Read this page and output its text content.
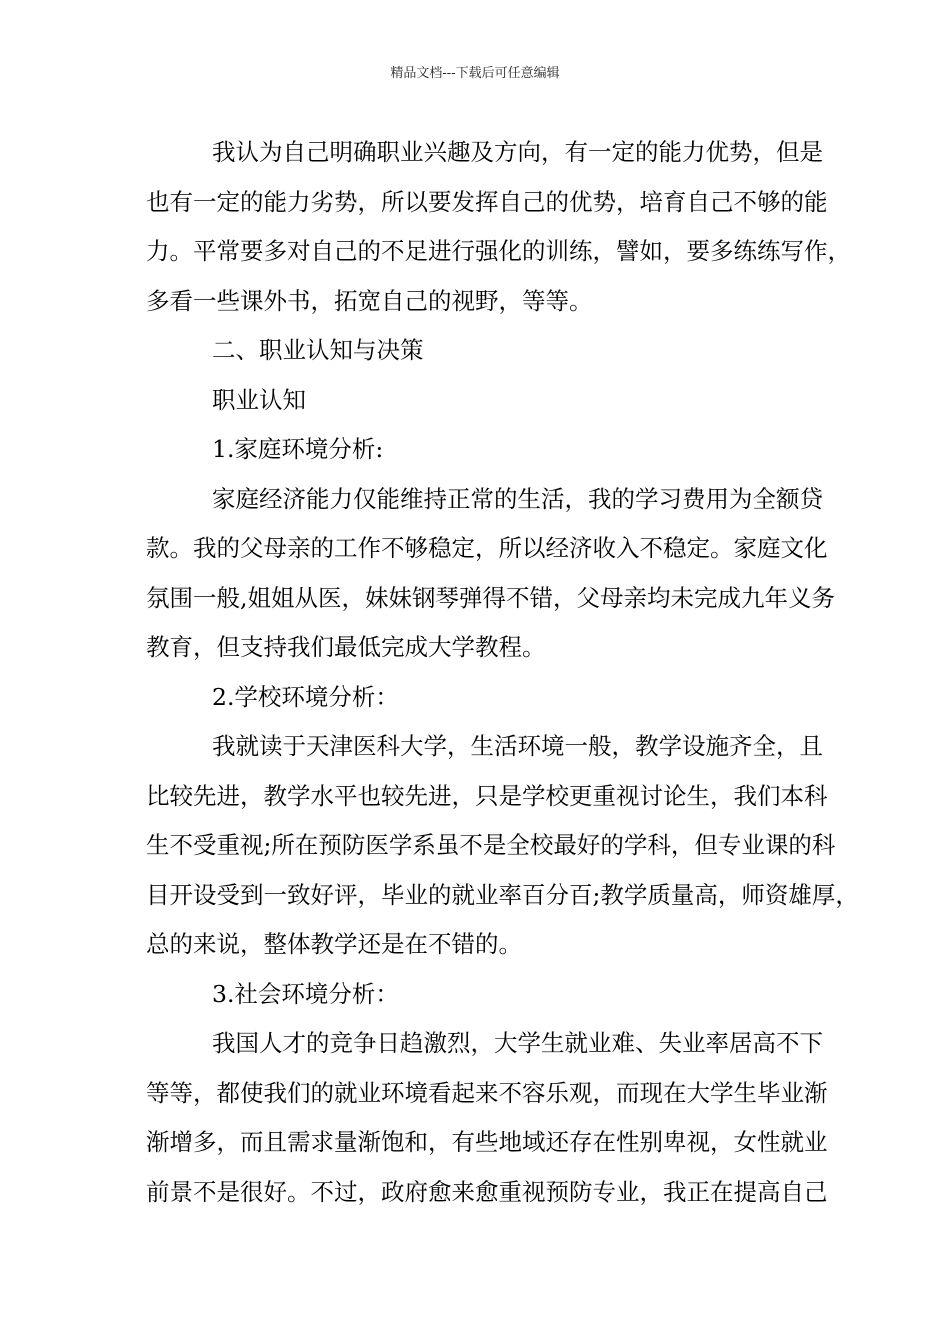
精品文档---下载后可任意编辑
我认为自己明确职业兴趣及方向，有一定的能力优势，但是
也有一定的能力劣势，所以要发挥自己的优势，培育自己不够的能
力。平常要多对自己的不足进行强化的训练，譬如，要多练练写作，
多看一些课外书，拓宽自己的视野，等等。
二、职业认知与决策
职业认知
1.家庭环境分析:
家庭经济能力仅能维持正常的生活，我的学习费用为全额贷
款。我的父母亲的工作不够稳定，所以经济收入不稳定。家庭文化
氛围一般,姐姐从医，妹妹钢琴弹得不错，父母亲均未完成九年义务
教育，但支持我们最低完成大学教程。
2.学校环境分析：
我就读于天津医科大学，生活环境一般，教学设施齐全，且
比较先进，教学水平也较先进，只是学校更重视讨论生，我们本科
生不受重视;所在预防医学系虽不是全校最好的学科，但专业课的科
目开设受到一致好评，毕业的就业率百分百;教学质量高，师资雄厚，
总的来说，整体教学还是在不错的。
3.社会环境分析：
我国人才的竞争日趋激烈，大学生就业难、失业率居高不下
等等，都使我们的就业环境看起来不容乐观，而现在大学生毕业渐
渐增多，而且需求量渐饱和，有些地域还存在性别卑视，女性就业
前景不是很好。不过，政府愈来愈重视预防专业，我正在提高自己
